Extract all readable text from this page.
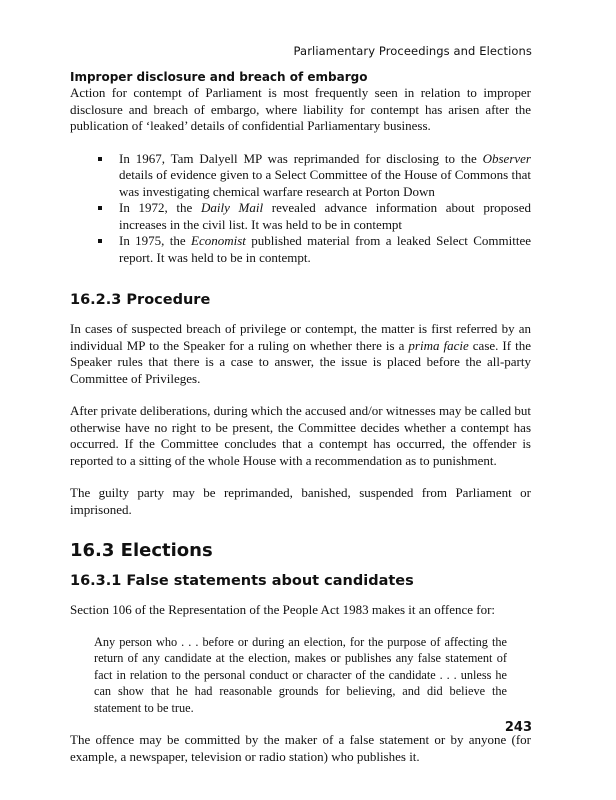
Parliamentary Proceedings and Elections
Improper disclosure and breach of embargo

Action for contempt of Parliament is most frequently seen in relation to improper disclosure and breach of embargo, where liability for contempt has arisen after the publication of ‘leaked’ details of confidential Parliamentary business.

In 1967, Tam Dalyell MP was reprimanded for disclosing to the Observer details of evidence given to a Select Committee of the House of Commons that was investigating chemical warfare research at Porton Down
In 1972, the Daily Mail revealed advance information about proposed increases in the civil list. It was held to be in contempt
In 1975, the Economist published material from a leaked Select Committee report. It was held to be in contempt.
16.2.3 Procedure

In cases of suspected breach of privilege or contempt, the matter is first referred by an individual MP to the Speaker for a ruling on whether there is a prima facie case. If the Speaker rules that there is a case to answer, the issue is placed before the all-party Committee of Privileges.

After private deliberations, during which the accused and/or witnesses may be called but otherwise have no right to be present, the Committee decides whether a contempt has occurred. If the Committee concludes that a contempt has occurred, the offender is reported to a sitting of the whole House with a recommendation as to punishment.

The guilty party may be reprimanded, banished, suspended from Parliament or imprisoned.

16.3 Elections
16.3.1 False statements about candidates

Section 106 of the Representation of the People Act 1983 makes it an offence for:

Any person who . . . before or during an election, for the purpose of affecting the return of any candidate at the election, makes or publishes any false statement of fact in relation to the personal conduct or character of the candidate . . . unless he can show that he had reasonable grounds for believing, and did believe the statement to be true.

The offence may be committed by the maker of a false statement or by anyone (for example, a newspaper, television or radio station) who publishes it.

243
